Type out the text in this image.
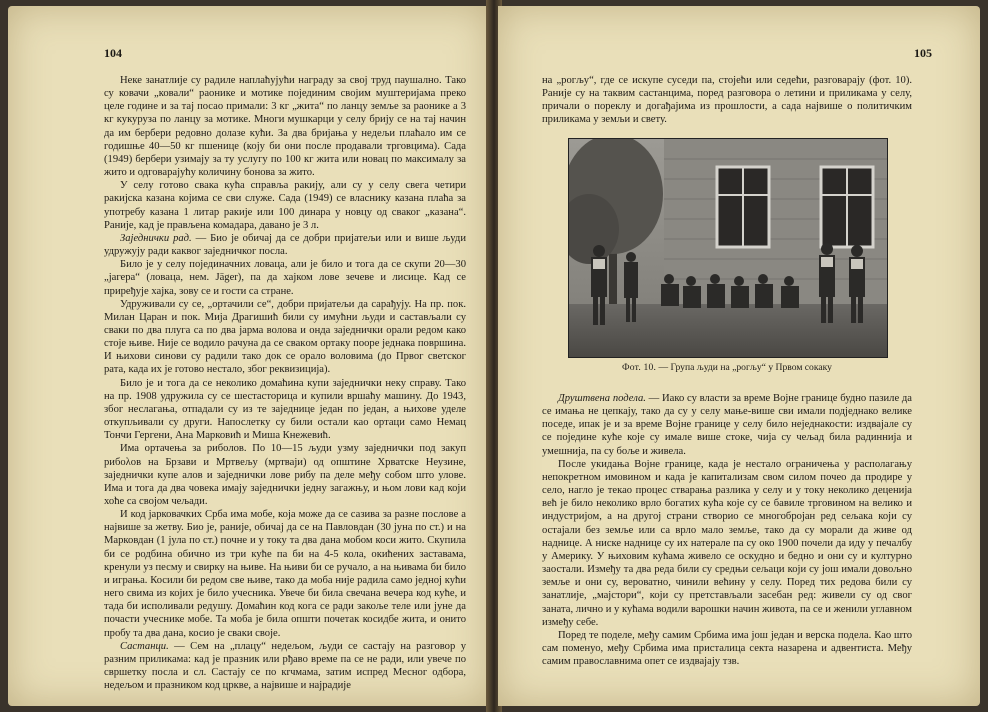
104

Неке занатлије су радиле наплаћујући награду за свој труд паушално. Тако су ковачи „ковали“ раонике и мотике појединим својим муштеријама преко целе године и за тај посао примали: 3 кг „жита“ по ланцу земље за раонике а 3 кг кукуруза по ланцу за мотике. Многи мушкарци у селу брију се на тај начин да им бербери редовно долазе кући. За два бријања у недељи плаћало им се годишње 40—50 кг пшенице (коју би они после продавали трговцима). Сада (1949) бербери узимају за ту услугу по 100 кг жита или новац по максималу за жито и одговарајућу количину бонова за жито.

У селу готово свака кућа справља ракију, али су у селу свега четири ракијска казана којима се сви служе. Сада (1949) се власнику казана плаћа за употребу казана 1 литар ракије или 100 динара у новцу од сваког „казана“. Раније, кад је прављена комадара, давано је 3 л.

Заједнички рад. — Био је обичај да се добри пријатељи или и више људи удружују ради каквог заједничког посла.

Било је у селу појединачних ловаца, али је било и тога да се скупи 20—30 „јагера“ (ловаца, нем. Jäger), па да хајком лове зечеве и лисице. Кад се приређује хајка, зову се и гости са стране.

Удруживали су се, „ортачили се“, добри пријатељи да сарађују. На пр. пок. Милан Царан и пок. Мија Драгишић били су имућни људи и састављали су сваки по два плуга са по два јарма волова и онда заједнички орали редом како стоје њиве. Није се водило рачуна да се свакoм ортаку поорe једнака површина. И њихови синови су радили тако док се орало воловима (до Првог светског рата, када их је готово нестало, због реквизиција).

Било је и тога да се неколико домаћина купи заједнички неку справу. Тако на пр. 1908 удружила су се шестасторица и купили вршаћу машину. До 1943, због неслагања, отпадали су из те заједнице један по један, а њихове уделе откупљивали су други. Напослетку су били остали као ортаци само Немац Тончи Гергени, Ана Марковић и Миша Кнежевић.

Има ортачења за риболов. По 10—15 људи узму заједнички под закуп рибολов на Брзави и Мртвељу (мртваји) од општине Хрватске Неузине, заједнички купе алов и заједнички лове рибу па деле међу собом што улове. Има и тога да два човека имају заједнички једну загажњу, и њом лови кад који хоће са својом чељади.

И код јарковачких Срба има мобе, која може да се сазива за разне послове а највише за жетву. Био је, раније, обичај да се на Павловдан (30 јуна по ст.) и на Марковдан (1 јула по ст.) почне и у току та два дана мобом коси жито. Скупила би се родбина обично из три куће па би на 4-5 кола, окићених заставама, кренули уз песму и свирку на њиве. На њиви би се ручало, а на њивама би било и играња. Косили би редом све њиве, тако да моба није радила само једној кући него свима из којих је било учесника. Увече би била свечана вечера код куће, и тада би исполивали редушу. Домаћин код кога се ради закоље теле или јуне да почасти учеснике мобе. Та моба је била општи почетак косидбе жита, и онито пробу та два дана, косио је сваки своје.

Састанци. — Сем на „плацу“ недељом, људи се састају на разговор у разним приликама: кад је празник или рђаво време па се не ради, или увече по свршетку посла и сл. Састају се по кrчмама, затим испред Месног одбора, недељом и празником код цркве, а највише и најрадије

105

на „рогљу“, где се искупе суседи па, стојећи или седећи, разговарају (фот. 10). Раније су на таквим састанцима, поред разговора о летини и приликама у селу, причали о пореклу и догађајима из прошлости, а сада највише о политичким приликама у земљи и свету.

Фот. 10. — Група људи на „рогљу“ у Првом сокаку

Друштвена подела. — Иако су власти за време Војне границе будно пазиле да се имања не цепкају, тако да су у селу мање-више сви имали подједнако велике поседе, ипак је и за време Војне границе у селу било неједнакости: издвајале су се поједине куће које су имале више стоке, чија су чељад била радиннија и умешнија, па су боље и живела.

После укидања Војне границе, када је нестало ограничења у располагању непокретном имовином и када је капитализам свом силом почео да продире у село, нагло је текао процес стварања разлика у селу и у току неколико деценија већ је било неколико врло богатих кућа које су се бавиле трговином на велико и индустријом, а на другој страни створио се многобројан ред сељака који су остајали без земље или са врло мало земље, тако да су морали да живе од наднице. А ниске наднице су их натерале па су око 1900 почели да иду у печалбу у Америку. У њиховим кућама живело се оскудно и бедно и они су и културно заостали. Између та два реда били су средњи сељаци који су још имали довољно земље и они су, вероватно, чинили већину у селу. Поред тих редова били су занатлије, „мајстори“, који су претстављали засебан ред: живели су од свог заната, лично и у кућама водили варошки начин живота, па се и женили углавном између себе.

Поред те поделе, међу самим Србима има још један и верска подела. Као што сам поменуо, међу Србима има присталица секта назарена и адвентиста. Међу самим православнима опет се издвајају тзв.
